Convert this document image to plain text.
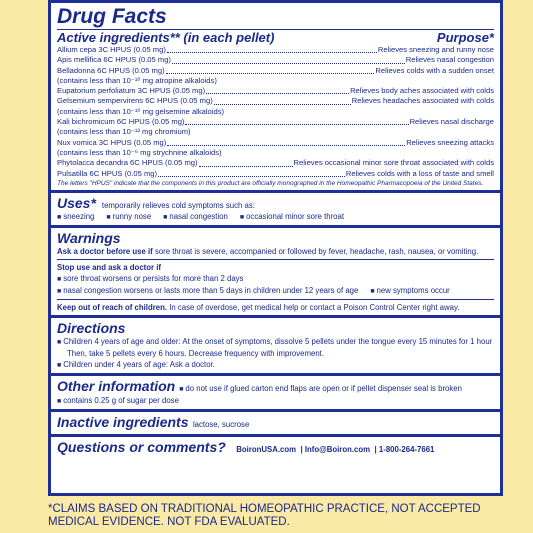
Drug Facts
Active ingredients** (in each pellet)	Purpose*
Allium cepa 3C HPUS (0.05 mg)	Relieves sneezing and runny nose
Apis mellifica 6C HPUS (0.05 mg)	Relieves nasal congestion
Belladonna 6C HPUS (0.05 mg)	Relieves colds with a sudden onset
(contains less than 10⁻¹⁰ mg atropine alkaloids)
Eupatorium perfoliatum 3C HPUS (0.05 mg)	Relieves body aches associated with colds
Gelsemium sempervirens 6C HPUS (0.05 mg)	Relieves headaches associated with colds
(contains less than 10⁻¹⁰ mg gelsemine alkaloids)
Kali bichromicum 6C HPUS (0.05 mg)	Relieves nasal discharge
(contains less than 10⁻¹³ mg chromium)
Nux vomica 3C HPUS (0.05 mg)	Relieves sneezing attacks
(contains less than 10⁻⁶ mg strychnine alkaloids)
Phytolacca decandra 6C HPUS (0.05 mg)	Relieves occasional minor sore throat associated with colds
Pulsatilla 6C HPUS (0.05 mg)	Relieves colds with a loss of taste and smell
The letters "HPUS" indicate that the components in this product are officially monographed in the Homeopathic Pharmacopoeia of the United States.
Uses* temporarily relieves cold symptoms such as:
■ sneezing	■ runny nose	■ nasal congestion	■ occasional minor sore throat
Warnings
Ask a doctor before use if sore throat is severe, accompanied or followed by fever, headache, rash, nausea, or vomiting.
Stop use and ask a doctor if
■ sore throat worsens or persists for more than 2 days
■ nasal congestion worsens or lasts more than 5 days in children under 12 years of age	■ new symptoms occur
Keep out of reach of children. In case of overdose, get medical help or contact a Poison Control Center right away.
Directions
■ Children 4 years of age and older: At the onset of symptoms, dissolve 5 pellets under the tongue every 15 minutes for 1 hour
Then, take 5 pellets every 6 hours. Decrease frequency with improvement.
■ Children under 4 years of age: Ask a doctor.
Other information	■ do not use if glued carton end flaps are open or if pellet dispenser seal is broken
■ contains 0.25 g of sugar per dose
Inactive ingredients lactose, sucrose
Questions or comments? BoironUSA.com | Info@Boiron.com | 1-800-264-7661
*CLAIMS BASED ON TRADITIONAL HOMEOPATHIC PRACTICE, NOT ACCEPTED MEDICAL EVIDENCE. NOT FDA EVALUATED.
